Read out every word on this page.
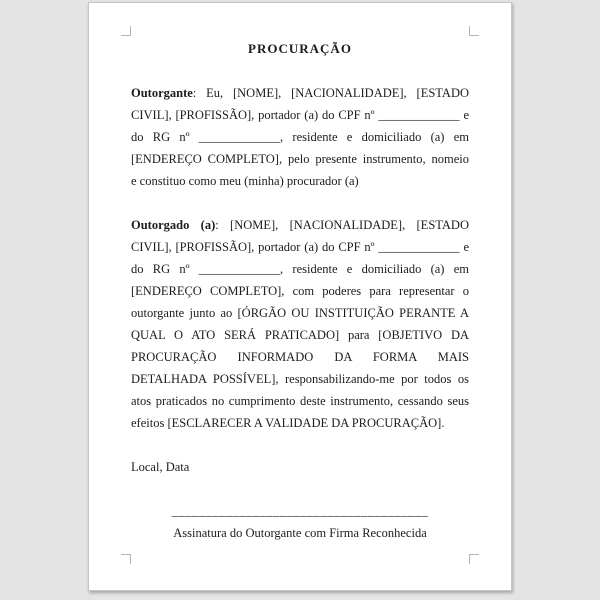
PROCURAÇÃO
Outorgante: Eu, [NOME], [NACIONALIDADE], [ESTADO
CIVIL], [PROFISSÃO], portador (a) do CPF nº _____________ e
do RG nº _____________, residente e domiciliado (a) em
[ENDEREÇO COMPLETO], pelo presente instrumento, nomeio
e constituo como meu (minha) procurador (a)
Outorgado (a): [NOME], [NACIONALIDADE], [ESTADO
CIVIL], [PROFISSÃO], portador (a) do CPF nº _____________ e
do RG nº _____________, residente e domiciliado (a) em
[ENDEREÇO COMPLETO], com poderes para representar o
outorgante junto ao [ÓRGÃO OU INSTITUIÇÃO PERANTE A
QUAL O ATO SERÁ PRATICADO] para [OBJETIVO DA
PROCURAÇÃO INFORMADO DA FORMA MAIS
DETALHADA POSSÍVEL], responsabilizando-me por todos os
atos praticados no cumprimento deste instrumento, cessando seus
efeitos [ESCLARECER A VALIDADE DA PROCURAÇÃO].
Local, Data
______________________________________
Assinatura do Outorgante com Firma Reconhecida
